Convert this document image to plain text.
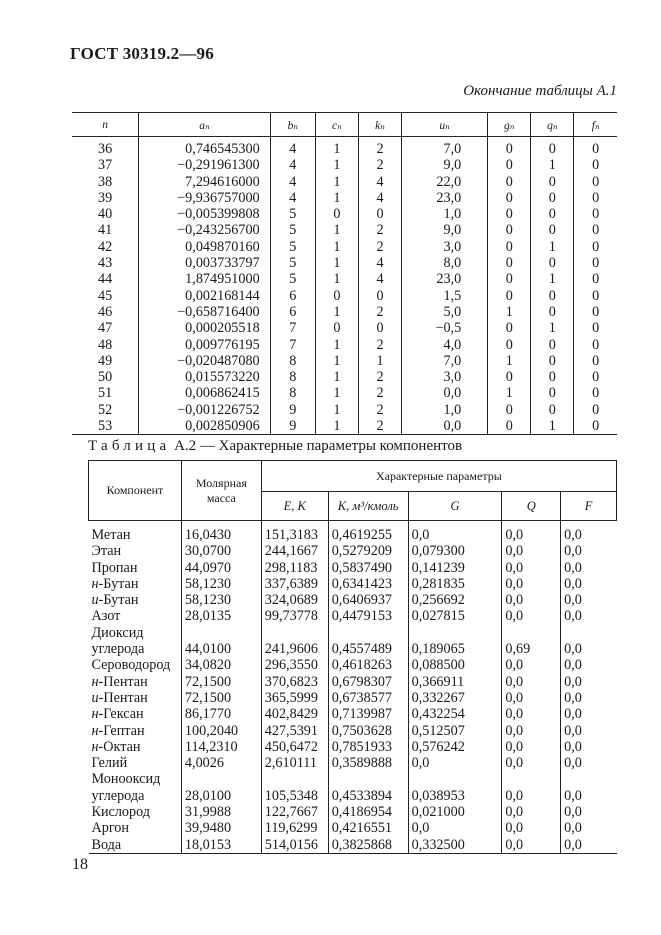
ГОСТ 30319.2—96
Окончание таблицы А.1
n	aₙ	bₙ	cₙ	kₙ	uₙ	gₙ	qₙ	fₙ
36	0,746545300	4	1	2	7,0	0	0	0
37	−0,291961300	4	1	2	9,0	0	1	0
38	7,294616000	4	1	4	22,0	0	0	0
39	−9,936757000	4	1	4	23,0	0	0	0
40	−0,005399808	5	0	0	1,0	0	0	0
41	−0,243256700	5	1	2	9,0	0	0	0
42	0,049870160	5	1	2	3,0	0	1	0
43	0,003733797	5	1	4	8,0	0	0	0
44	1,874951000	5	1	4	23,0	0	1	0
45	0,002168144	6	0	0	1,5	0	0	0
46	−0,658716400	6	1	2	5,0	1	0	0
47	0,000205518	7	0	0	−0,5	0	1	0
48	0,009776195	7	1	2	4,0	0	0	0
49	−0,020487080	8	1	1	7,0	1	0	0
50	0,015573220	8	1	2	3,0	0	0	0
51	0,006862415	8	1	2	0,0	1	0	0
52	−0,001226752	9	1	2	1,0	0	0	0
53	0,002850906	9	1	2	0,0	0	1	0
Таблица А.2 — Характерные параметры компонентов
Компонент	Молярная масса	Характерные параметры				
		E, K	K, м³/кмоль	G	Q	F
Метан	16,0430	151,3183	0,4619255	0,0	0,0	0,0
Этан	30,0700	244,1667	0,5279209	0,079300	0,0	0,0
Пропан	44,0970	298,1183	0,5837490	0,141239	0,0	0,0
н-Бутан	58,1230	337,6389	0,6341423	0,281835	0,0	0,0
и-Бутан	58,1230	324,0689	0,6406937	0,256692	0,0	0,0
Азот	28,0135	99,73778	0,4479153	0,027815	0,0	0,0
Диоксид						
углерода	44,0100	241,9606	0,4557489	0,189065	0,69	0,0
Сероводород	34,0820	296,3550	0,4618263	0,088500	0,0	0,0
н-Пентан	72,1500	370,6823	0,6798307	0,366911	0,0	0,0
и-Пентан	72,1500	365,5999	0,6738577	0,332267	0,0	0,0
н-Гексан	86,1770	402,8429	0,7139987	0,432254	0,0	0,0
н-Гептан	100,2040	427,5391	0,7503628	0,512507	0,0	0,0
н-Октан	114,2310	450,6472	0,7851933	0,576242	0,0	0,0
Гелий	4,0026	2,610111	0,3589888	0,0	0,0	0,0
Монооксид						
углерода	28,0100	105,5348	0,4533894	0,038953	0,0	0,0
Кислород	31,9988	122,7667	0,4186954	0,021000	0,0	0,0
Аргон	39,9480	119,6299	0,4216551	0,0	0,0	0,0
Вода	18,0153	514,0156	0,3825868	0,332500	0,0	0,0
18
